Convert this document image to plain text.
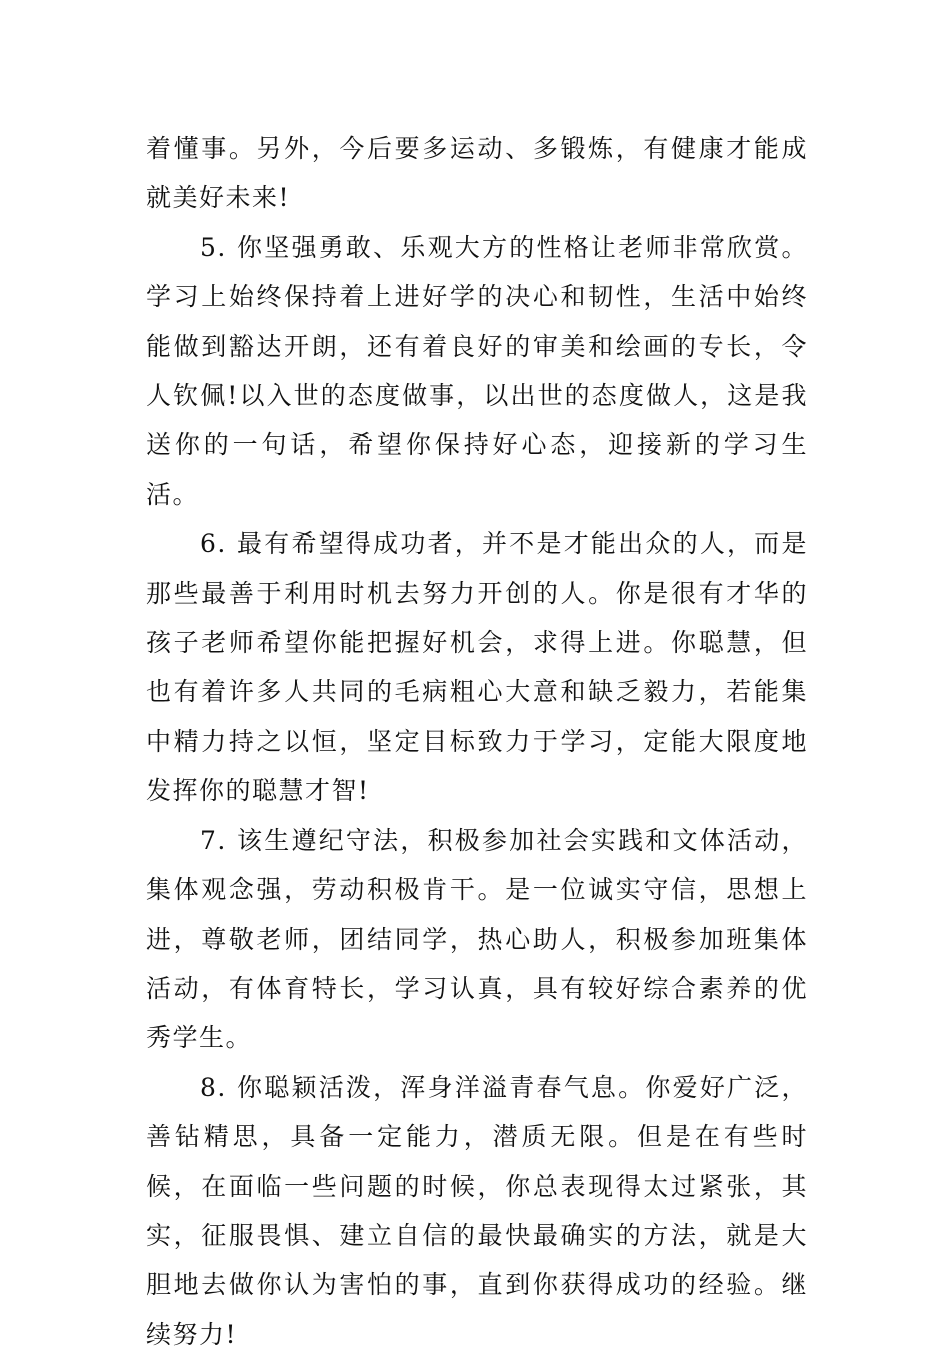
着懂事。另外，今后要多运动、多锻炼，有健康才能成就美好未来!

5. 你坚强勇敢、乐观大方的性格让老师非常欣赏。学习上始终保持着上进好学的决心和韧性，生活中始终能做到豁达开朗，还有着良好的审美和绘画的专长，令人钦佩!以入世的态度做事，以出世的态度做人，这是我送你的一句话，希望你保持好心态，迎接新的学习生活。

6. 最有希望得成功者，并不是才能出众的人，而是那些最善于利用时机去努力开创的人。你是很有才华的孩子老师希望你能把握好机会，求得上进。你聪慧，但也有着许多人共同的毛病粗心大意和缺乏毅力，若能集中精力持之以恒，坚定目标致力于学习，定能大限度地发挥你的聪慧才智!

7. 该生遵纪守法，积极参加社会实践和文体活动，集体观念强，劳动积极肯干。是一位诚实守信，思想上进，尊敬老师，团结同学，热心助人，积极参加班集体活动，有体育特长，学习认真，具有较好综合素养的优秀学生。

8. 你聪颖活泼，浑身洋溢青春气息。你爱好广泛，善钻精思，具备一定能力，潜质无限。但是在有些时候，在面临一些问题的时候，你总表现得太过紧张，其实，征服畏惧、建立自信的最快最确实的方法，就是大胆地去做你认为害怕的事，直到你获得成功的经验。继续努力!
